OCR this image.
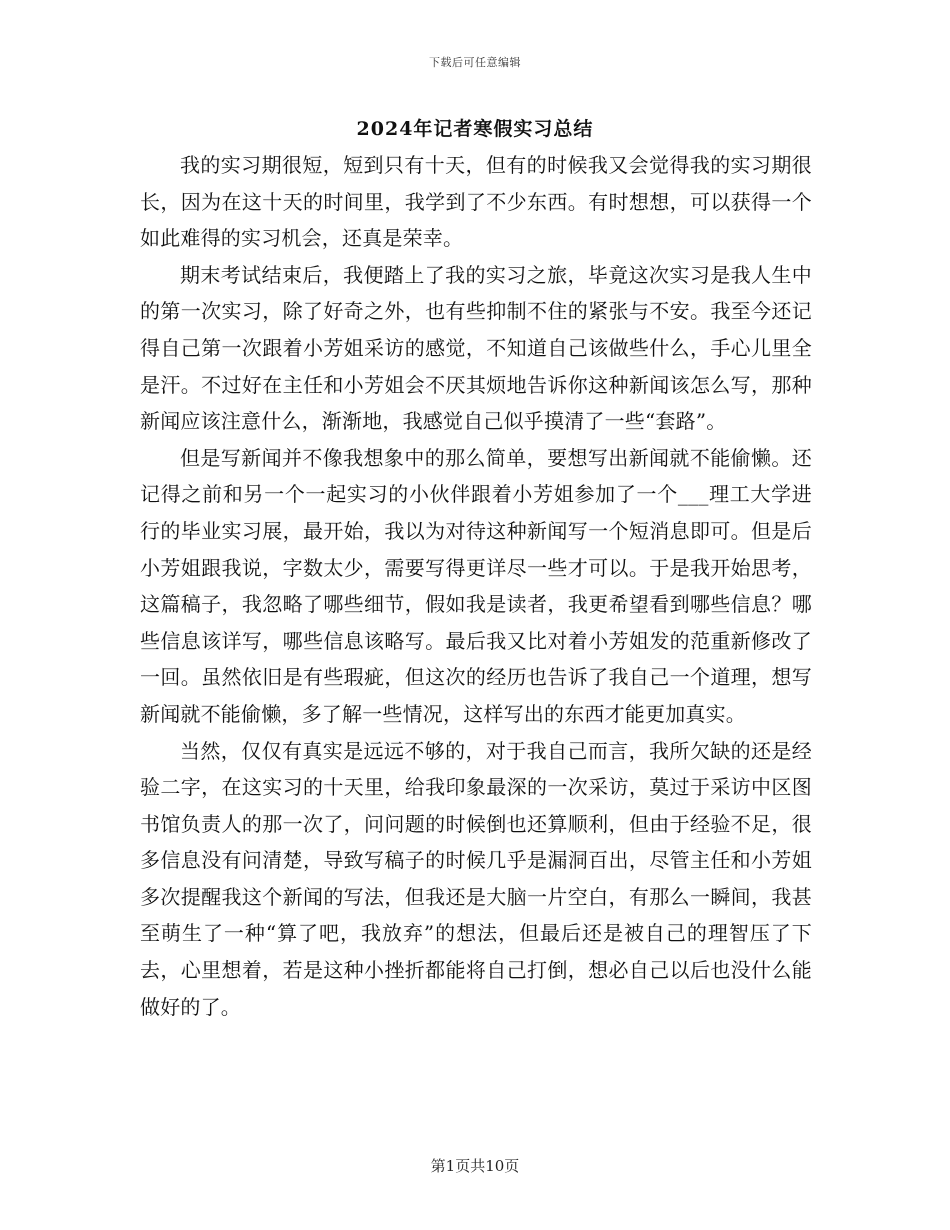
下载后可任意编辑
2024年记者寒假实习总结

我的实习期很短，短到只有十天，但有的时候我又会觉得我的实习期很长，因为在这十天的时间里，我学到了不少东西。有时想想，可以获得一个如此难得的实习机会，还真是荣幸。

期末考试结束后，我便踏上了我的实习之旅，毕竟这次实习是我人生中的第一次实习，除了好奇之外，也有些抑制不住的紧张与不安。我至今还记得自己第一次跟着小芳姐采访的感觉，不知道自己该做些什么，手心儿里全是汗。不过好在主任和小芳姐会不厌其烦地告诉你这种新闻该怎么写，那种新闻应该注意什么，渐渐地，我感觉自己似乎摸清了一些“套路”。

但是写新闻并不像我想象中的那么简单，要想写出新闻就不能偷懒。还记得之前和另一个一起实习的小伙伴跟着小芳姐参加了一个___理工大学进行的毕业实习展，最开始，我以为对待这种新闻写一个短消息即可。但是后小芳姐跟我说，字数太少，需要写得更详尽一些才可以。于是我开始思考，这篇稿子，我忽略了哪些细节，假如我是读者，我更希望看到哪些信息？哪些信息该详写，哪些信息该略写。最后我又比对着小芳姐发的范重新修改了一回。虽然依旧是有些瑕疵，但这次的经历也告诉了我自己一个道理，想写新闻就不能偷懒，多了解一些情况，这样写出的东西才能更加真实。

当然，仅仅有真实是远远不够的，对于我自己而言，我所欠缺的还是经验二字，在这实习的十天里，给我印象最深的一次采访，莫过于采访中区图书馆负责人的那一次了，问问题的时候倒也还算顺利，但由于经验不足，很多信息没有问清楚，导致写稿子的时候几乎是漏洞百出，尽管主任和小芳姐多次提醒我这个新闻的写法，但我还是大脑一片空白，有那么一瞬间，我甚至萌生了一种“算了吧，我放弃”的想法，但最后还是被自己的理智压了下去，心里想着，若是这种小挫折都能将自己打倒，想必自己以后也没什么能做好的了。

第1页共10页
